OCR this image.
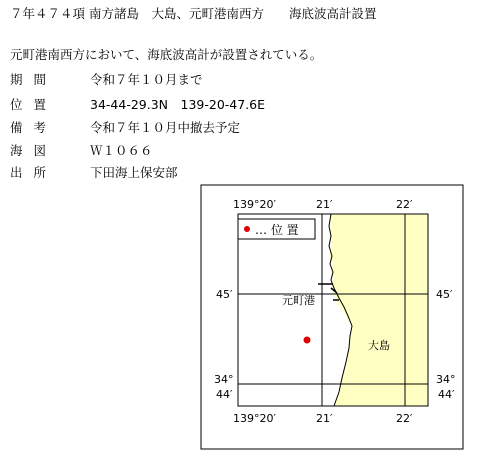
７年４７４項 南方諸島　大島、元町港南西方　　海底波高計設置
元町港南西方において、海底波高計が設置されている。
期間	令和７年１０月まで
位置	34-44-29.3N　139-20-47.6E
備考	令和７年１０月中撤去予定
海図	Ｗ１０６６
出所	下田海上保安部
… 位 置
元町港
大島
139°20′	21′	22′
139°20′	21′	22′
45′
34°
44′
45′
34°
44′
